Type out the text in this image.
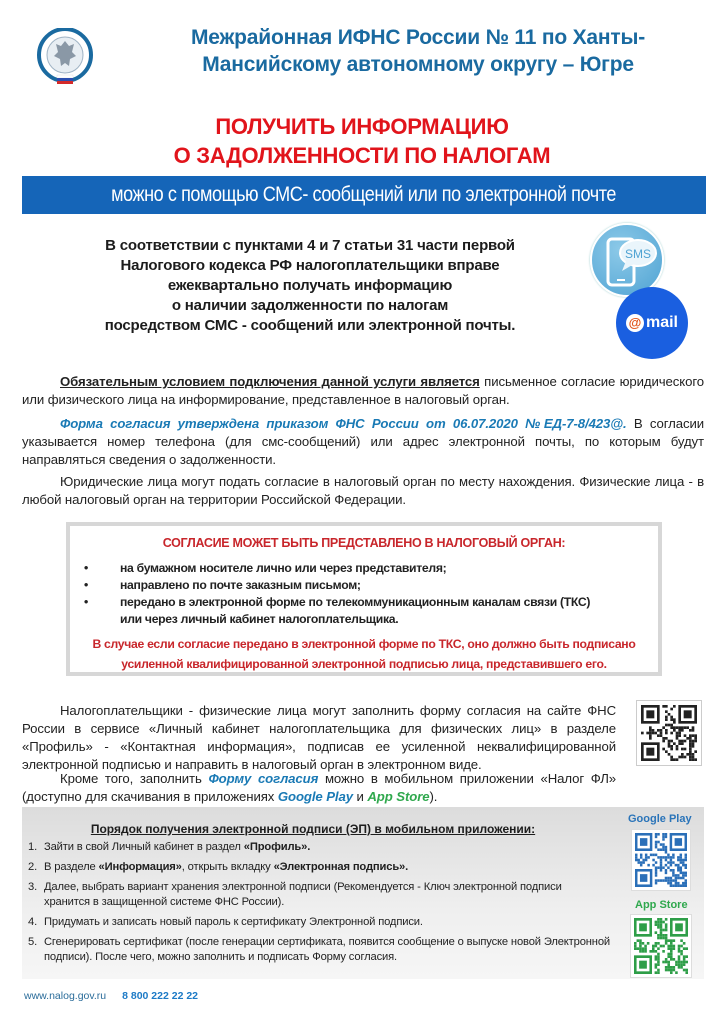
Межрайонная ИФНС России № 11 по Ханты-
Мансийскому автономному округу – Югре
ПОЛУЧИТЬ ИНФОРМАЦИЮ
О ЗАДОЛЖЕННОСТИ ПО НАЛОГАМ
можно с помощью СМС- сообщений или по электронной почте
В соответствии с пунктами 4 и 7 статьи 31 части первой
Налогового кодекса РФ налогоплательщики вправе
ежеквартально получать информацию
о наличии задолженности по налогам
посредством СМС - сообщений или электронной почты.
SMS
@ mail
Обязательным условием подключения данной услуги является письменное согласие юридического или физического лица на информирование, представленное в налоговый орган.
Форма согласия утверждена приказом ФНС России от 06.07.2020 №ЕД-7-8/423@. В согласии указывается номер телефона (для смс-сообщений) или адрес электронной почты, по которым будут направляться сведения о задолженности.
Юридические лица могут подать согласие в налоговый орган по месту нахождения. Физические лица - в любой налоговый орган на территории Российской Федерации.
СОГЛАСИЕ МОЖЕТ БЫТЬ ПРЕДСТАВЛЕНО В НАЛОГОВЫЙ ОРГАН:
•	на бумажном носителе лично или через представителя;
•	направлено по почте заказным письмом;
•	передано в электронной форме по телекоммуникационным каналам связи (ТКС)
или через личный кабинет налогоплательщика.
В случае если согласие передано в электронной форме по ТКС, оно должно быть подписано
усиленной квалифицированной электронной подписью лица, представившего его.
Налогоплательщики - физические лица могут заполнить форму согласия на сайте ФНС России в сервисе «Личный кабинет налогоплательщика для физических лиц» в разделе «Профиль» - «Контактная информация», подписав ее усиленной неквалифицированной электронной подписью и направить в налоговый орган в электронном виде.
Кроме того, заполнить Форму согласия можно в мобильном приложении «Налог ФЛ» (доступно для скачивания в приложениях Google Play и App Store).
Порядок получения электронной подписи (ЭП) в мобильном приложении:
1. Зайти в свой Личный кабинет в раздел «Профиль».
2. В разделе «Информация», открыть вкладку «Электронная подпись».
3. Далее, выбрать вариант хранения электронной подписи (Рекомендуется - Ключ электронной подписи хранится в защищенной системе ФНС России).
4. Придумать и записать новый пароль к сертификату Электронной подписи.
5. Сгенерировать сертификат (после генерации сертификата, появится сообщение о выпуске новой Электронной подписи). После чего, можно заполнить и подписать Форму согласия.
Google Play
App Store
www.nalog.gov.ru 8 800 222 22 22
